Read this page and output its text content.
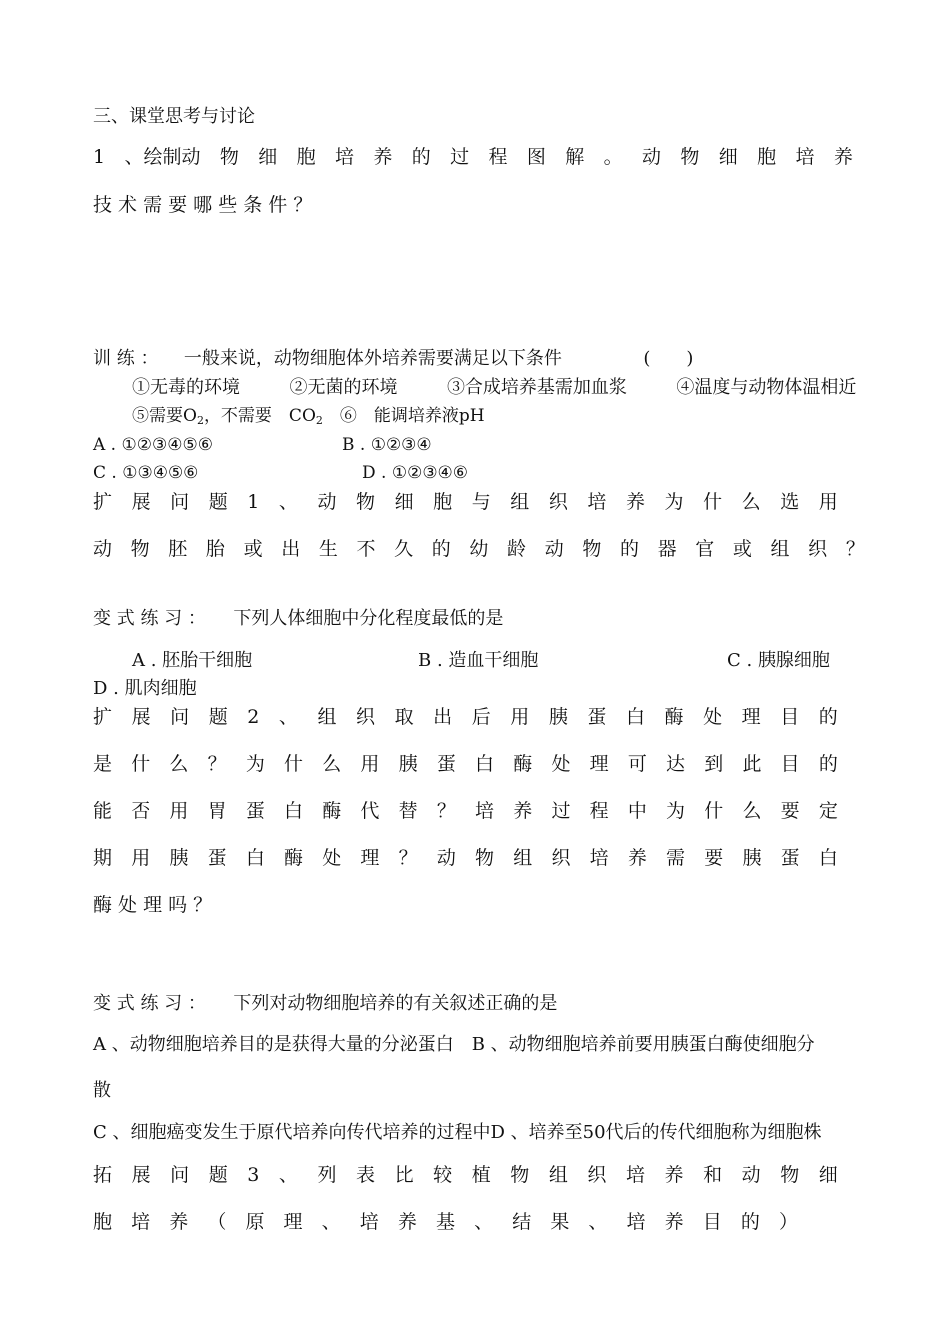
三、课堂思考与讨论
1 、绘制动 物 细 胞 培 养 的 过 程 图 解 。 动 物 细 胞 培 养
技 术 需 要 哪 些 条 件 ？
训 练 ： 一般来说，动物细胞体外培养需要满足以下条件	(　　)
①无毒的环境	②无菌的环境	③合成培养基需加血浆	④温度与动物体温相近
⑤需要$O_2$，不需要　$CO_2$　⑥　能调培养液pH
A . ①②③④⑤⑥	B . ①②③④
C . ①③④⑤⑥	D . ①②③④⑥
扩 展 问 题 1 、 动 物 细 胞 与 组 织 培 养 为 什 么 选 用
动 物 胚 胎 或 出 生 不 久 的 幼 龄 动 物 的 器 官 或 组 织 ？
变 式 练 习 ： 下列人体细胞中分化程度最低的是
A . 胚胎干细胞	B . 造血干细胞	C . 胰腺细胞
D . 肌肉细胞
扩 展 问 题 2 、 组 织 取 出 后 用 胰 蛋 白 酶 处 理 目 的
是 什 么 ？ 为 什 么 用 胰 蛋 白 酶 处 理 可 达 到 此 目 的
能 否 用 胃 蛋 白 酶 代 替 ？ 培 养 过 程 中 为 什 么 要 定
期 用 胰 蛋 白 酶 处 理 ？ 动 物 组 织 培 养 需 要 胰 蛋 白
酶 处 理 吗 ？
变 式 练 习 ： 下列对动物细胞培养的有关叙述正确的是
A 、动物细胞培养目的是获得大量的分泌蛋白　B 、动物细胞培养前要用胰蛋白酶使细胞分
散
C 、细胞癌变发生于原代培养向传代培养的过程中D 、培养至50代后的传代细胞称为细胞株
拓 展 问 题 3 、 列 表 比 较 植 物 组 织 培 养 和 动 物 细
胞 培 养 （ 原 理 、 培 养 基 、 结 果 、 培 养 目 的 ）
